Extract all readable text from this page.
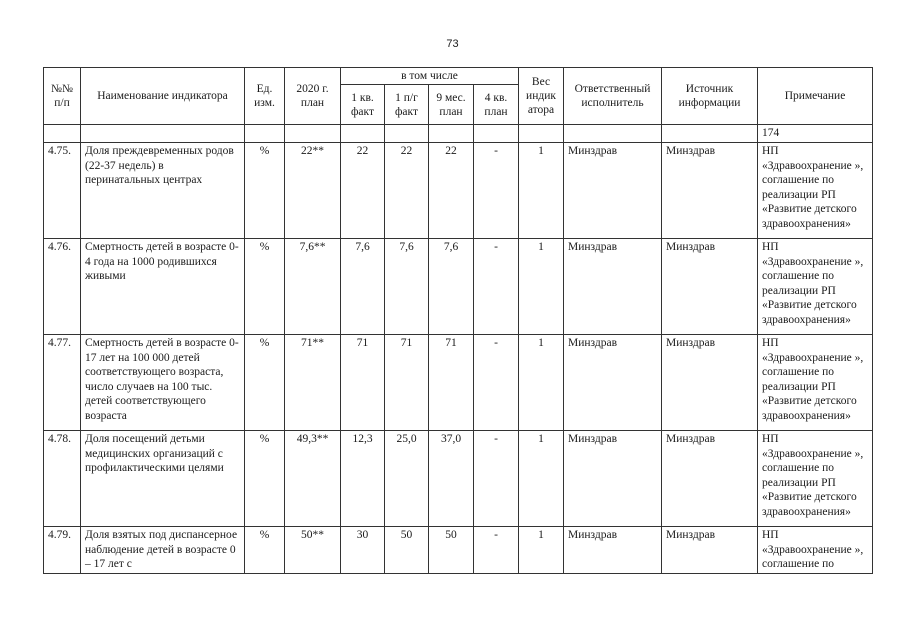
73
№№ п/п	Наименование индикатора	Ед. изм.	2020 г. план	в том числе				Вес индик атора	Ответственный исполнитель	Источник информации	Примечание
				1 кв. факт	1 п/г факт	9 мес. план	4 кв. план				
											174
4.75.	Доля преждевременных родов (22-37 недель) в перинатальных центрах	%	22**	22	22	22	-	1	Минздрав	Минздрав	НП «Здравоохранение », соглашение по реализации РП «Развитие детского здравоохранения»
4.76.	Смертность детей в возрасте 0-4 года на 1000 родившихся живыми	%	7,6**	7,6	7,6	7,6	-	1	Минздрав	Минздрав	НП «Здравоохранение », соглашение по реализации РП «Развитие детского здравоохранения»
4.77.	Смертность детей в возрасте 0-17 лет на 100 000 детей соответствующего возраста, число случаев на 100 тыс. детей соответствующего возраста	%	71**	71	71	71	-	1	Минздрав	Минздрав	НП «Здравоохранение », соглашение по реализации РП «Развитие детского здравоохранения»
4.78.	Доля посещений детьми медицинских организаций с профилактическими целями	%	49,3**	12,3	25,0	37,0	-	1	Минздрав	Минздрав	НП «Здравоохранение », соглашение по реализации РП «Развитие детского здравоохранения»
4.79.	Доля взятых под диспансерное наблюдение детей в возрасте 0 – 17 лет с	%	50**	30	50	50	-	1	Минздрав	Минздрав	НП «Здравоохранение », соглашение по
